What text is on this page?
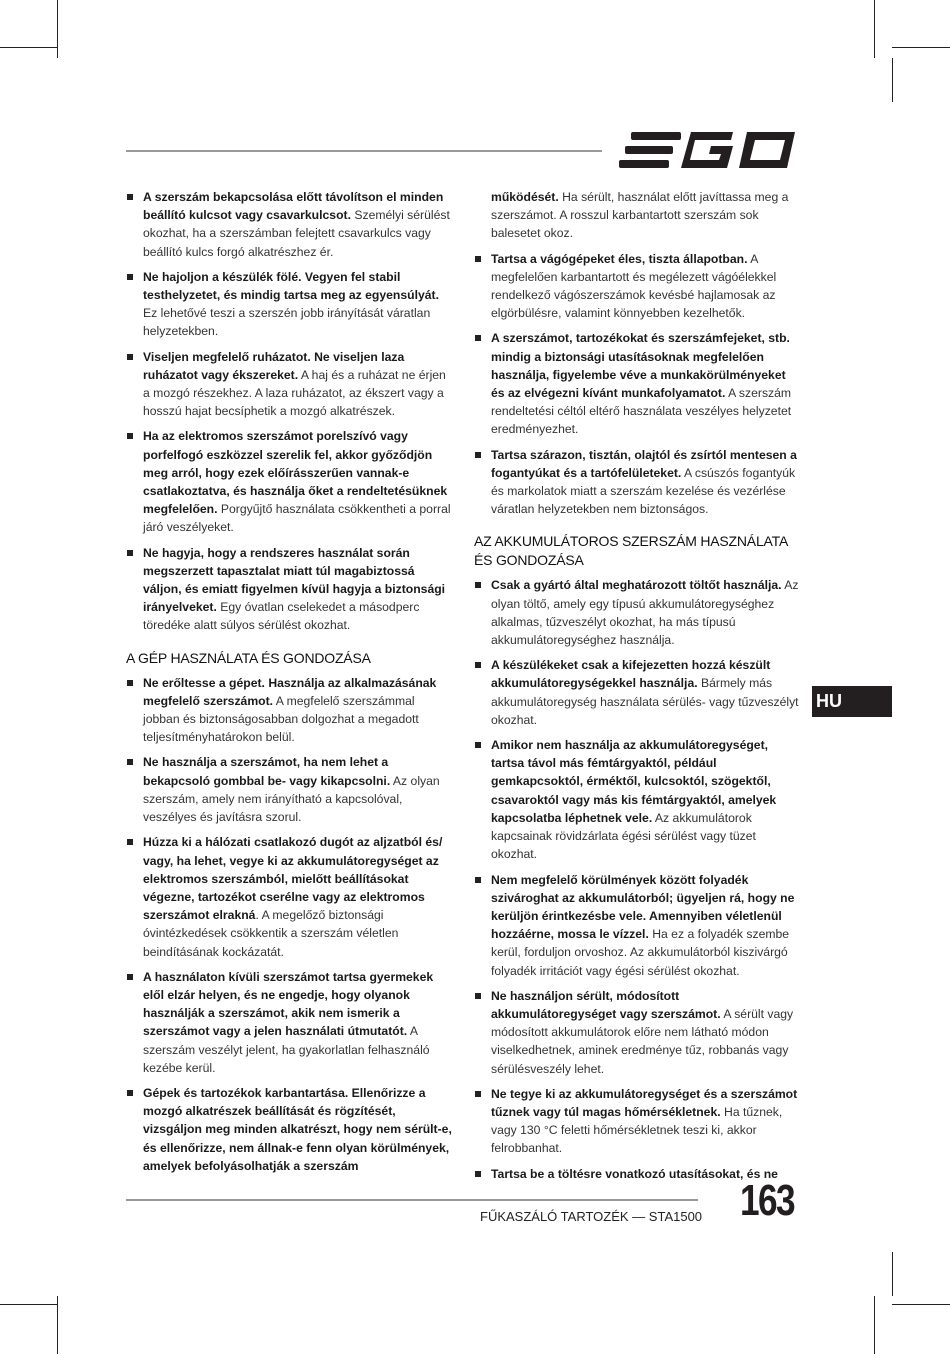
A szerszám bekapcsolása előtt távolítson el minden beállító kulcsot vagy csavarkulcsot. Személyi sérülést okozhat, ha a szerszámban felejtett csavarkulcs vagy beállító kulcs forgó alkatrészhez ér.
Ne hajoljon a készülék fölé. Vegyen fel stabil testhelyzetet, és mindig tartsa meg az egyensúlyát. Ez lehetővé teszi a szerszén jobb irányítását váratlan helyzetekben.
Viseljen megfelelő ruházatot. Ne viseljen laza ruházatot vagy ékszereket. A haj és a ruházat ne érjen a mozgó részekhez. A laza ruházatot, az ékszert vagy a hosszú hajat becsíphetik a mozgó alkatrészek.
Ha az elektromos szerszámot porelszívó vagy porfelfogó eszközzel szerelik fel, akkor győződjön meg arról, hogy ezek előírásszerűen vannak-e csatlakoztatva, és használja őket a rendeltetésüknek megfelelően. Porgyűjtő használata csökkentheti a porral járó veszélyeket.
Ne hagyja, hogy a rendszeres használat során megszerzett tapasztalat miatt túl magabiztossá váljon, és emiatt figyelmen kívül hagyja a biztonsági irányelveket. Egy óvatlan cselekedet a másodperc töredéke alatt súlyos sérülést okozhat.
A GÉP HASZNÁLATA ÉS GONDOZÁSA
Ne erőltesse a gépet. Használja az alkalmazásának megfelelő szerszámot. A megfelelő szerszámmal jobban és biztonságosabban dolgozhat a megadott teljesítményhatárokon belül.
Ne használja a szerszámot, ha nem lehet a bekapcsoló gombbal be- vagy kikapcsolni. Az olyan szerszám, amely nem irányítható a kapcsolóval, veszélyes és javításra szorul.
Húzza ki a hálózati csatlakozó dugót az aljzatból és/ vagy, ha lehet, vegye ki az akkumulátoregységet az elektromos szerszámból, mielőtt beállításokat végezne, tartozékot cserélne vagy az elektromos szerszámot elrakná. A megelőző biztonsági óvintézkedések csökkentik a szerszám véletlen beindításának kockázatát.
A használaton kívüli szerszámot tartsa gyermekek elől elzár helyen, és ne engedje, hogy olyanok használják a szerszámot, akik nem ismerik a szerszámot vagy a jelen használati útmutatót. A szerszám veszélyt jelent, ha gyakorlatlan felhasználó kezébe kerül.
Gépek és tartozékok karbantartása. Ellenőrizze a mozgó alkatrészek beállítását és rögzítését, vizsgáljon meg minden alkatrészt, hogy nem sérült-e, és ellenőrizze, nem állnak-e fenn olyan körülmények, amelyek befolyásolhatják a szerszám
működését. Ha sérült, használat előtt javíttassa meg a szerszámot. A rosszul karbantartott szerszám sok balesetet okoz.
Tartsa a vágógépeket éles, tiszta állapotban. A megfelelően karbantartott és megélezett vágóélekkel rendelkező vágószerszámok kevésbé hajlamosak az elgörbülésre, valamint könnyebben kezelhetők.
A szerszámot, tartozékokat és szerszámfejeket, stb. mindig a biztonsági utasításoknak megfelelően használja, figyelembe véve a munkakörülményeket és az elvégezni kívánt munkafolyamatot. A szerszám rendeltetési céltól eltérő használata veszélyes helyzetet eredményezhet.
Tartsa szárazon, tisztán, olajtól és zsírtól mentesen a fogantyúkat és a tartófelületeket. A csúszós fogantyúk és markolatok miatt a szerszám kezelése és vezérlése váratlan helyzetekben nem biztonságos.
AZ AKKUMULÁTOROS SZERSZÁM HASZNÁLATA ÉS GONDOZÁSA
Csak a gyártó által meghatározott töltőt használja. Az olyan töltő, amely egy típusú akkumulátoregységhez alkalmas, tűzveszélyt okozhat, ha más típusú akkumulátoregységhez használja.
A készülékeket csak a kifejezetten hozzá készült akkumulátoregységekkel használja. Bármely más akkumulátoregység használata sérülés- vagy tűzveszélyt okozhat.
Amikor nem használja az akkumulátoregységet, tartsa távol más fémtárgyaktól, például gemkapcsoktól, érméktől, kulcsoktól, szögektől, csavaroktól vagy más kis fémtárgyaktól, amelyek kapcsolatba léphetnek vele. Az akkumulátorok kapcsainak rövidzárlata égési sérülést vagy tüzet okozhat.
Nem megfelelő körülmények között folyadék szivároghat az akkumulátorból; ügyeljen rá, hogy ne kerüljön érintkezésbe vele. Amennyiben véletlenül hozzáérne, mossa le vízzel. Ha ez a folyadék szembe kerül, forduljon orvoshoz. Az akkumulátorból kiszivárgó folyadék irritációt vagy égési sérülést okozhat.
Ne használjon sérült, módosított akkumulátoregységet vagy szerszámot. A sérült vagy módosított akkumulátorok előre nem látható módon viselkedhetnek, aminek eredménye tűz, robbanás vagy sérülésveszély lehet.
Ne tegye ki az akkumulátoregységet és a szerszámot tűznek vagy túl magas hőmérsékletnek. Ha tűznek, vagy 130 °C feletti hőmérsékletnek teszi ki, akkor felrobbanhat.
Tartsa be a töltésre vonatkozó utasításokat, és ne
HU
FŰKASZÁLÓ TARTOZÉK — STA1500 163
